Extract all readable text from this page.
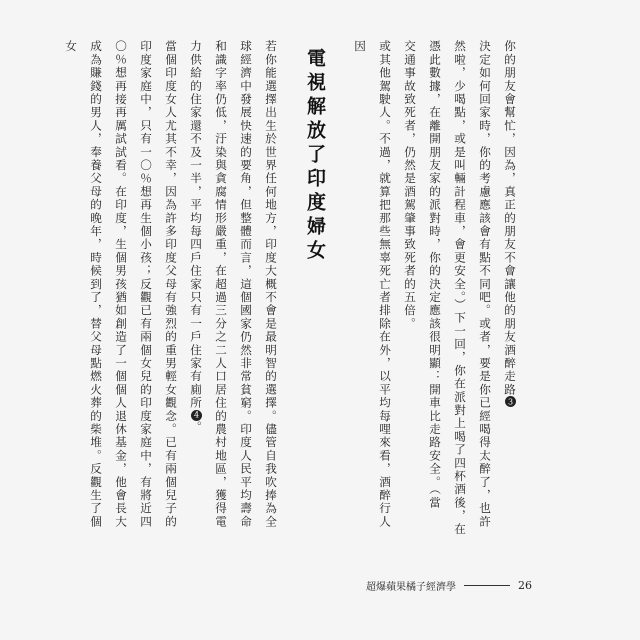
你的朋友會幫忙，因為，真正的朋友不會讓他的朋友酒醉走路3

決定如何回家時，你的考慮應該會有點不同吧。或者，要是你已經喝得太醉了，也許

然啦，少喝點，或是叫輛計程車，會更安全。）下一回，你在派對上喝了四杯酒後，在

憑此數據，在離開朋友家的派對時，你的決定應該很明顯：開車比走路安全。（當

交通事故致死者，仍然是酒駕肇事致死者的五倍。

或其他駕駛人。不過，就算把那些無辜死亡者排除在外，以平均每哩來看，酒醉行人因

電視解放了印度婦女

若你能選擇出生於世界任何地方，印度大概不會是最明智的選擇。儘管自我吹捧為全球經濟中發展快速的要角，但整體而言，這個國家仍然非常貧窮。印度人民平均壽命和識字率仍低，汙染與貪腐情形嚴重，在超過三分之二人口居住的農村地區，獲得電力供給的住家還不及一半，平均每四戶住家只有一戶住家有廁所4。

當個印度女人尤其不幸，因為許多印度父母有強烈的重男輕女觀念。已有兩個兒子的印度家庭中，只有一〇％想再生個小孩；反觀已有兩個女兒的印度家庭中，有將近四〇％想再接再厲試試看。在印度，生個男孩猶如創造了一個個人退休基金，他會長大成為賺錢的男人，奉養父母的晚年，時候到了，替父母點燃火葬的柴堆。反觀生了個女

超爆蘋果橘子經濟學	26
